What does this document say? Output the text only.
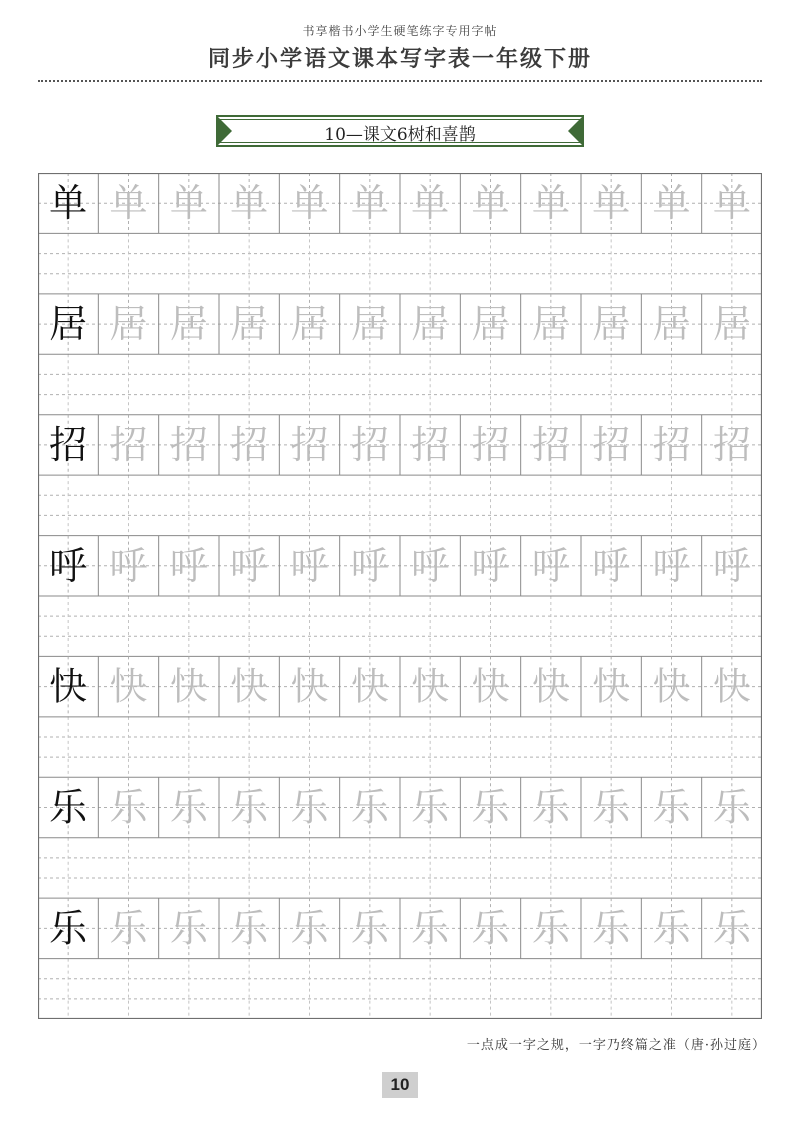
书享楷书小学生硬笔练字专用字帖
同步小学语文课本写字表一年级下册
10—课文6树和喜鹊
单 单 单 单 单 单 单 单 单 单 单 单
居 居 居 居 居 居 居 居 居 居 居 居
招 招 招 招 招 招 招 招 招 招 招 招
呼 呼 呼 呼 呼 呼 呼 呼 呼 呼 呼 呼
快 快 快 快 快 快 快 快 快 快 快 快
乐 乐 乐 乐 乐 乐 乐 乐 乐 乐 乐 乐
乐 乐 乐 乐 乐 乐 乐 乐 乐 乐 乐 乐
一点成一字之规，一字乃终篇之准（唐·孙过庭）
10
